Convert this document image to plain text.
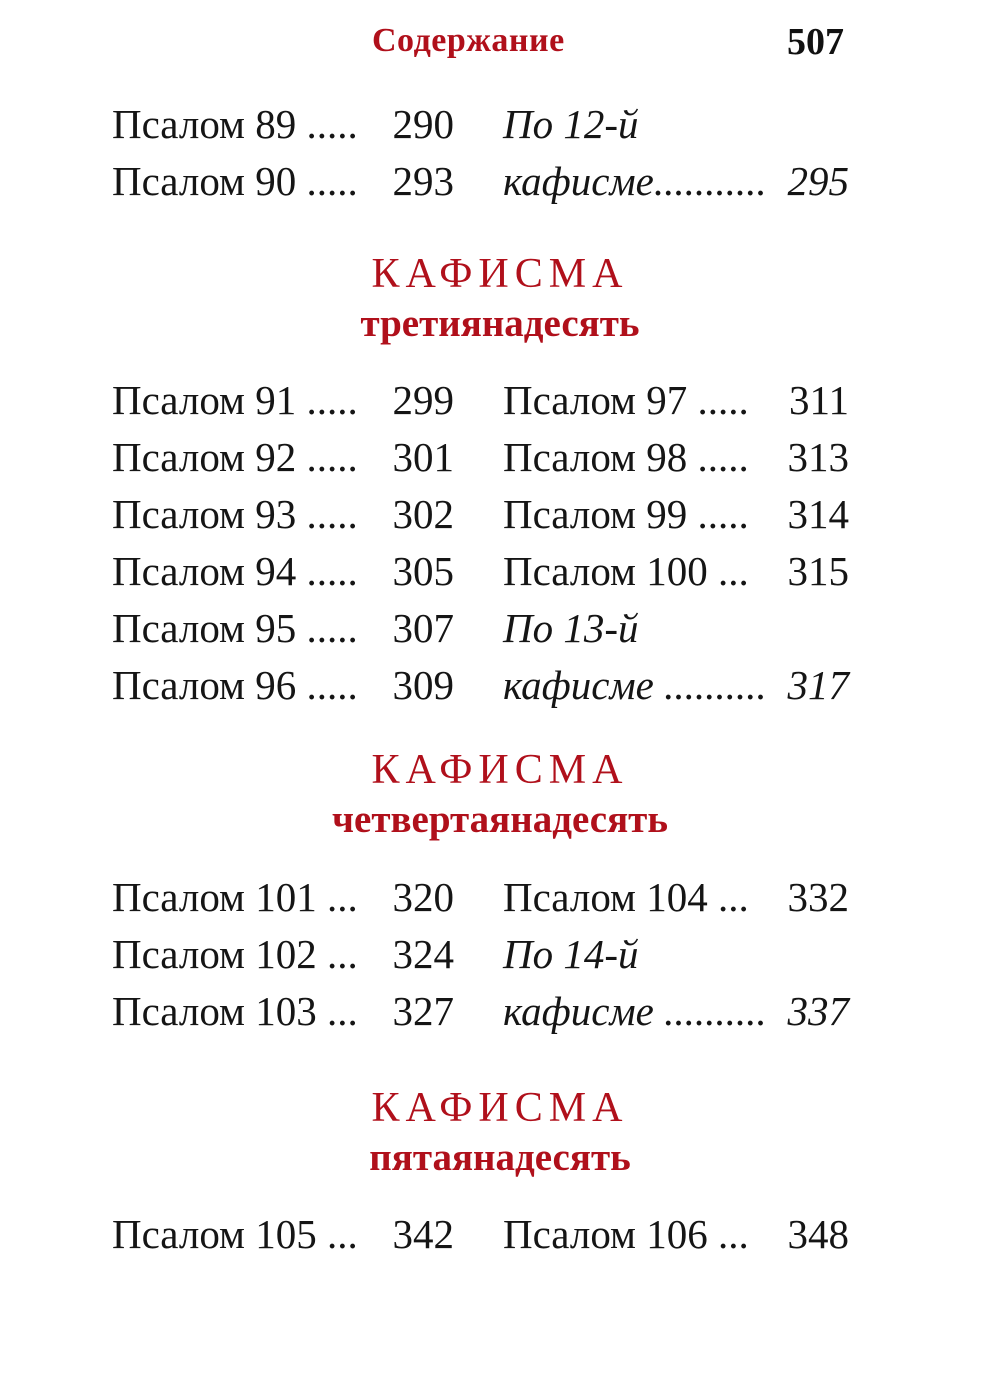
Содержание	507
Псалом 89 ..... 290
Псалом 90 ..... 293
По 12-й
кафисме........... 295
КАФИСМА
третиянадесять
Псалом 91 ..... 299
Псалом 92 ..... 301
Псалом 93 ..... 302
Псалом 94 ..... 305
Псалом 95 ..... 307
Псалом 96 ..... 309
Псалом 97 ..... 311
Псалом 98 ..... 313
Псалом 99 ..... 314
Псалом 100 ... 315
По 13-й
кафисме .......... 317
КАФИСМА
четвертаянадесять
Псалом 101 ... 320
Псалом 102 ... 324
Псалом 103 ... 327
Псалом 104 ... 332
По 14-й
кафисме .......... 337
КАФИСМА
пятаянадесять
Псалом 105 ... 342 Псалом 106 ... 348
